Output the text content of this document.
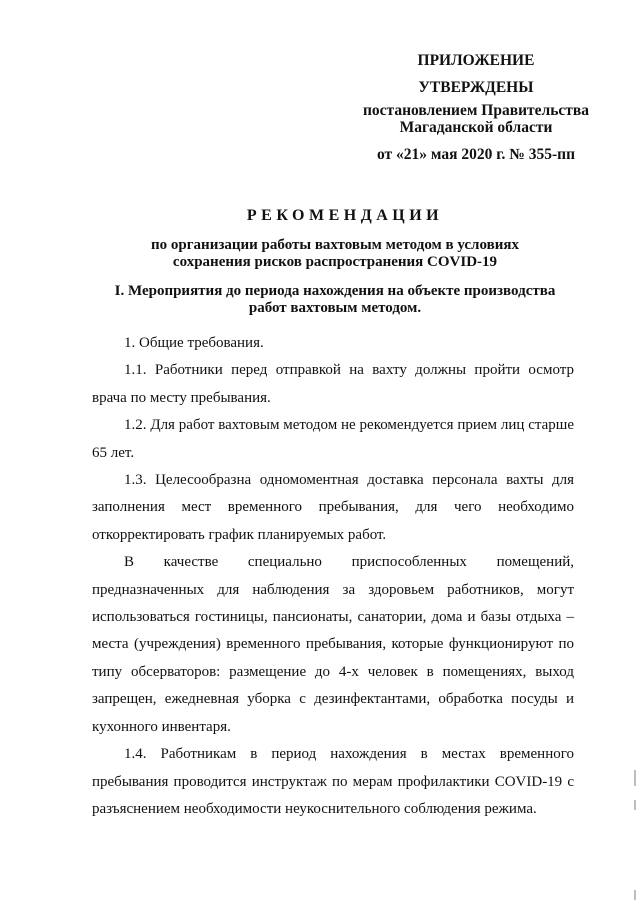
ПРИЛОЖЕНИЕ
УТВЕРЖДЕНЫ
постановлением Правительства
Магаданской области
от «21» мая 2020 г. № 355-пп
РЕКОМЕНДАЦИИ
по организации работы вахтовым методом в условиях
сохранения рисков распространения COVID-19
I. Мероприятия до периода нахождения на объекте производства
работ вахтовым методом.

1. Общие требования.

1.1. Работники перед отправкой на вахту должны пройти осмотр врача по месту пребывания.

1.2. Для работ вахтовым методом не рекомендуется прием лиц старше 65 лет.

1.3. Целесообразна одномоментная доставка персонала вахты для заполнения мест временного пребывания, для чего необходимо откорректировать график планируемых работ.

В качестве специально приспособленных помещений, предназначенных для наблюдения за здоровьем работников, могут использоваться гостиницы, пансионаты, санатории, дома и базы отдыха – места (учреждения) временного пребывания, которые функционируют по типу обсерваторов: размещение до 4-х человек в помещениях, выход запрещен, ежедневная уборка с дезинфектантами, обработка посуды и кухонного инвентаря.

1.4. Работникам в период нахождения в местах временного пребывания проводится инструктаж по мерам профилактики COVID-19 с разъяснением необходимости неукоснительного соблюдения режима.
